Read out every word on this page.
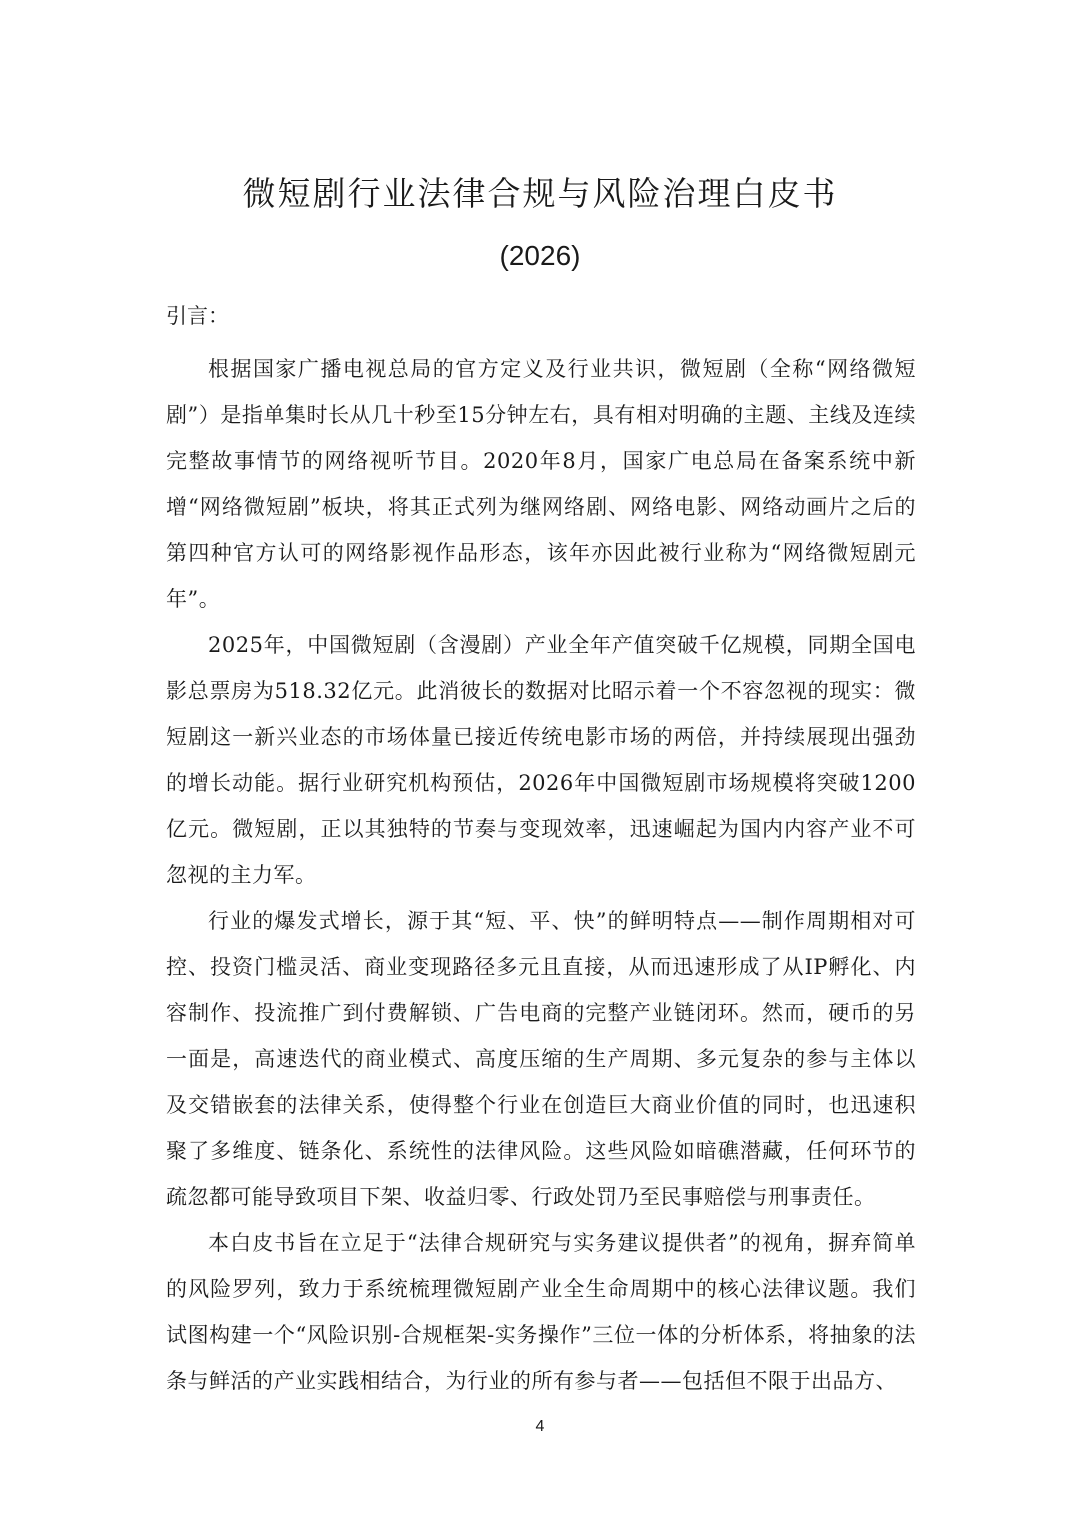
微短剧行业法律合规与风险治理白皮书
(2026)
引言：

根据国家广播电视总局的官方定义及行业共识，微短剧（全称“网络微短剧”）是指单集时长从几十秒至15分钟左右，具有相对明确的主题、主线及连续完整故事情节的网络视听节目。2020年8月，国家广电总局在备案系统中新增“网络微短剧”板块，将其正式列为继网络剧、网络电影、网络动画片之后的第四种官方认可的网络影视作品形态，该年亦因此被行业称为“网络微短剧元年”。

2025年，中国微短剧（含漫剧）产业全年产值突破千亿规模，同期全国电影总票房为518.32亿元。此消彼长的数据对比昭示着一个不容忽视的现实：微短剧这一新兴业态的市场体量已接近传统电影市场的两倍，并持续展现出强劲的增长动能。据行业研究机构预估，2026年中国微短剧市场规模将突破1200亿元。微短剧，正以其独特的节奏与变现效率，迅速崛起为国内内容产业不可忽视的主力军。

行业的爆发式增长，源于其“短、平、快”的鲜明特点——制作周期相对可控、投资门槛灵活、商业变现路径多元且直接，从而迅速形成了从IP孵化、内容制作、投流推广到付费解锁、广告电商的完整产业链闭环。然而，硬币的另一面是，高速迭代的商业模式、高度压缩的生产周期、多元复杂的参与主体以及交错嵌套的法律关系，使得整个行业在创造巨大商业价值的同时，也迅速积聚了多维度、链条化、系统性的法律风险。这些风险如暗礁潜藏，任何环节的疏忽都可能导致项目下架、收益归零、行政处罚乃至民事赔偿与刑事责任。

本白皮书旨在立足于“法律合规研究与实务建议提供者”的视角，摒弃简单的风险罗列，致力于系统梳理微短剧产业全生命周期中的核心法律议题。我们试图构建一个“风险识别-合规框架-实务操作”三位一体的分析体系，将抽象的法条与鲜活的产业实践相结合，为行业的所有参与者——包括但不限于出品方、

4
